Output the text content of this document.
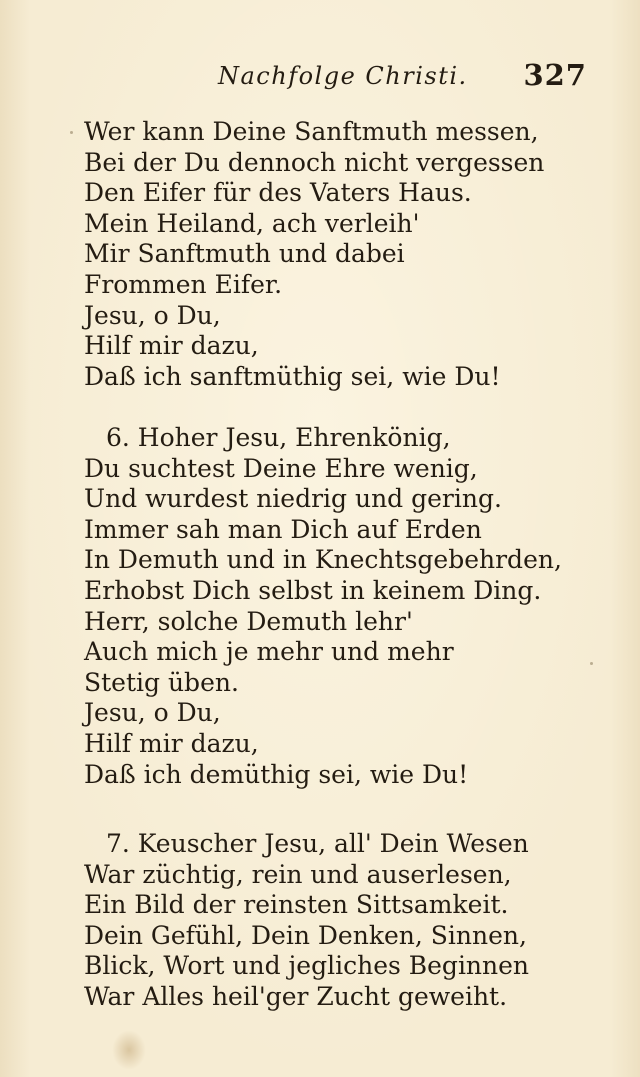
Nachfolge Christi. 327
Wer kann Deine Sanftmuth messen,
Bei der Du dennoch nicht vergessen
Den Eifer für des Vaters Haus.
Mein Heiland, ach verleih'
Mir Sanftmuth und dabei
Frommen Eifer.
Jesu, o Du,
Hilf mir dazu,
Daß ich sanftmüthig sei, wie Du!
6. Hoher Jesu, Ehrenkönig,
Du suchtest Deine Ehre wenig,
Und wurdest niedrig und gering.
Immer sah man Dich auf Erden
In Demuth und in Knechtsgebehrden,
Erhobst Dich selbst in keinem Ding.
Herr, solche Demuth lehr'
Auch mich je mehr und mehr
Stetig üben.
Jesu, o Du,
Hilf mir dazu,
Daß ich demüthig sei, wie Du!
7. Keuscher Jesu, all' Dein Wesen
War züchtig, rein und auserlesen,
Ein Bild der reinsten Sittsamkeit.
Dein Gefühl, Dein Denken, Sinnen,
Blick, Wort und jegliches Beginnen
War Alles heil'ger Zucht geweiht.
